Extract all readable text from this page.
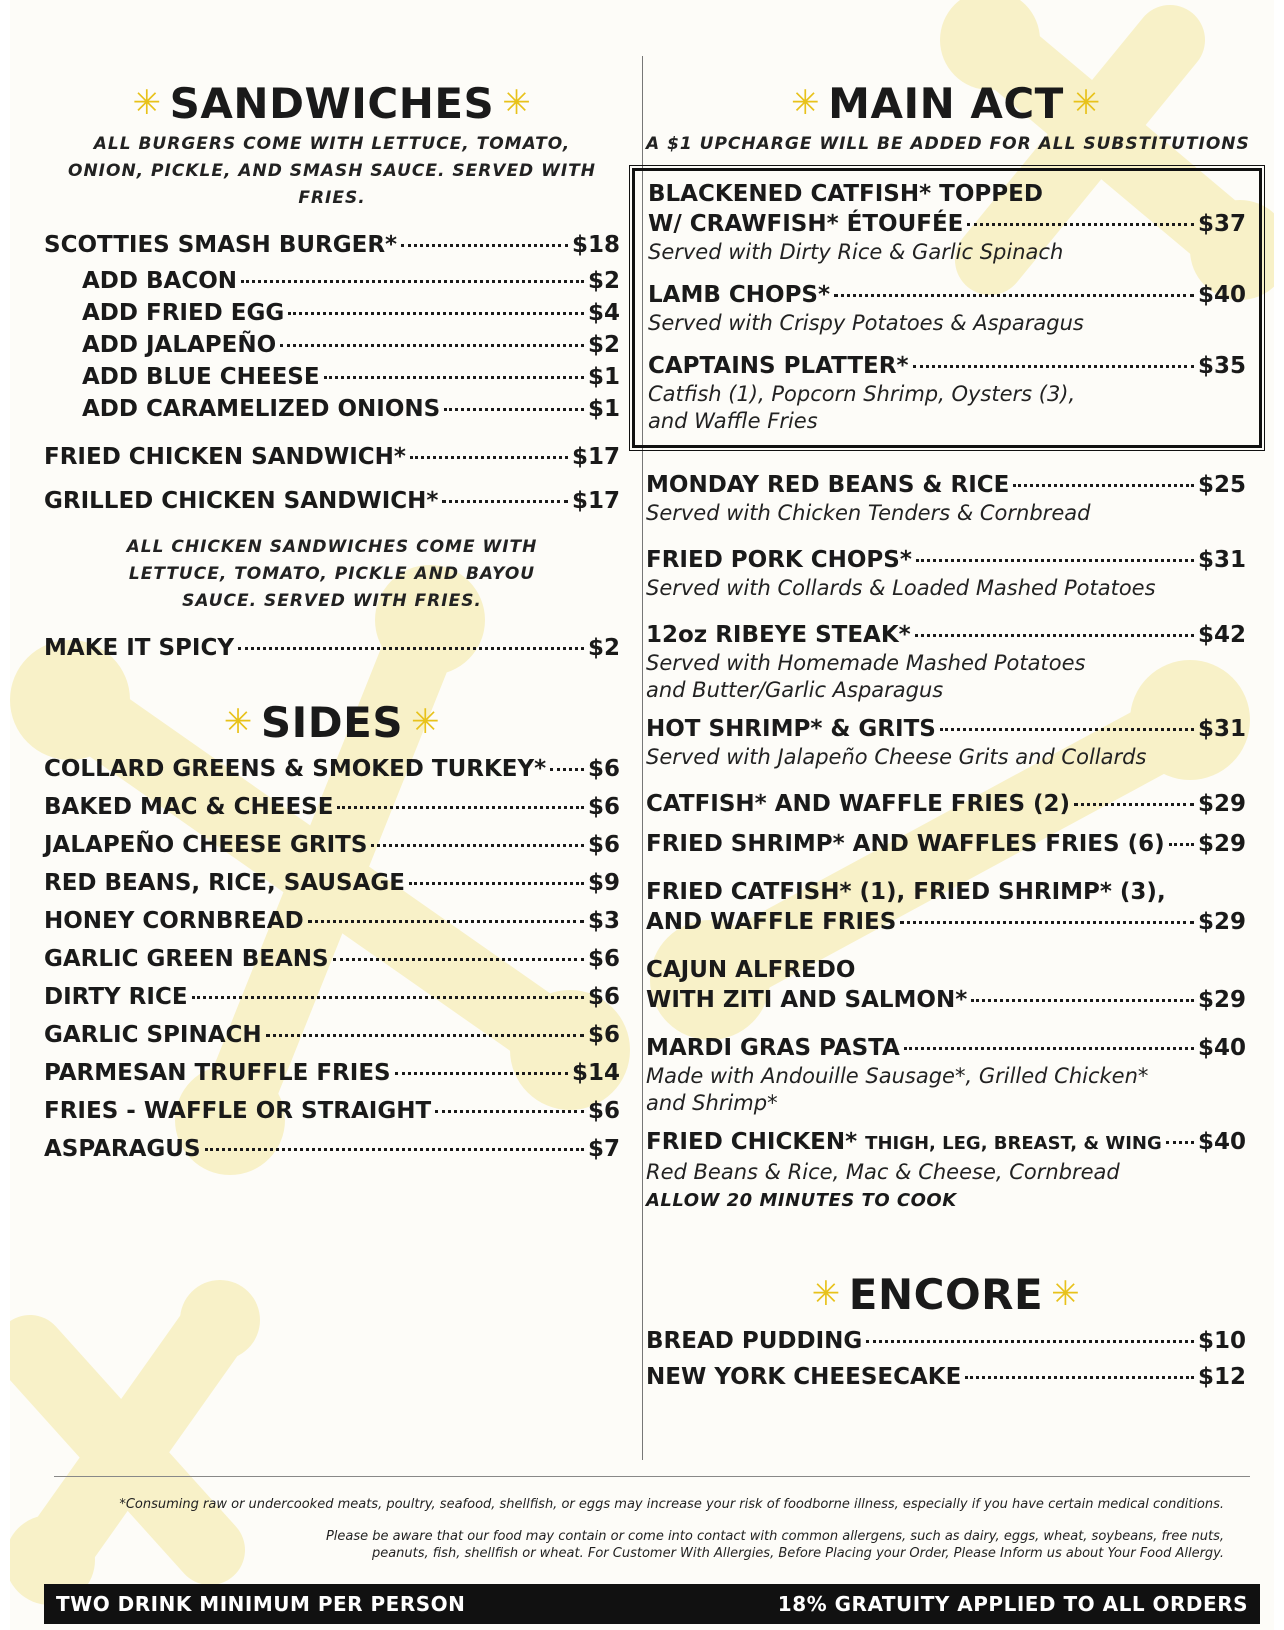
✳ SANDWICHES ✳
ALL BURGERS COME WITH LETTUCE, TOMATO, ONION, PICKLE, AND SMASH SAUCE. SERVED WITH FRIES.
SCOTTIES SMASH BURGER*	$18
ADD BACON	$2
ADD FRIED EGG	$4
ADD JALAPEÑO	$2
ADD BLUE CHEESE	$1
ADD CARAMELIZED ONIONS	$1
FRIED CHICKEN SANDWICH*	$17
GRILLED CHICKEN SANDWICH*	$17
ALL CHICKEN SANDWICHES COME WITH LETTUCE, TOMATO, PICKLE AND BAYOU SAUCE. SERVED WITH FRIES.
MAKE IT SPICY	$2
✳ SIDES ✳
COLLARD GREENS & SMOKED TURKEY* $6
BAKED MAC & CHEESE	$6
JALAPEÑO CHEESE GRITS	$6
RED BEANS, RICE, SAUSAGE	$9
HONEY CORNBREAD	$3
GARLIC GREEN BEANS	$6
DIRTY RICE	$6
GARLIC SPINACH	$6
PARMESAN TRUFFLE FRIES	$14
FRIES - WAFFLE OR STRAIGHT	$6
ASPARAGUS	$7
✳ MAIN ACT ✳
A $1 UPCHARGE WILL BE ADDED FOR ALL SUBSTITUTIONS
BLACKENED CATFISH* TOPPED
W/ CRAWFISH* ÉTOUFÉE	$37
Served with Dirty Rice & Garlic Spinach
LAMB CHOPS*	$40
Served with Crispy Potatoes & Asparagus
CAPTAINS PLATTER*	$35
Catfish (1), Popcorn Shrimp, Oysters (3),
and Waffle Fries
MONDAY RED BEANS & RICE	$25
Served with Chicken Tenders & Cornbread
FRIED PORK CHOPS*	$31
Served with Collards & Loaded Mashed Potatoes
12oz RIBEYE STEAK*	$42
Served with Homemade Mashed Potatoes
and Butter/Garlic Asparagus
HOT SHRIMP* & GRITS	$31
Served with Jalapeño Cheese Grits and Collards
CATFISH* AND WAFFLE FRIES (2)	$29
FRIED SHRIMP* AND WAFFLES FRIES (6) $29
FRIED CATFISH* (1), FRIED SHRIMP* (3),
AND WAFFLE FRIES	$29
CAJUN ALFREDO
WITH ZITI AND SALMON*	$29
MARDI GRAS PASTA	$40
Made with Andouille Sausage*, Grilled Chicken*
and Shrimp*
FRIED CHICKEN* THIGH, LEG, BREAST, & WING $40
Red Beans & Rice, Mac & Cheese, Cornbread
ALLOW 20 MINUTES TO COOK
✳ ENCORE ✳
BREAD PUDDING	$10
NEW YORK CHEESECAKE	$12
*Consuming raw or undercooked meats, poultry, seafood, shellfish, or eggs may increase your risk of foodborne illness, especially if you have certain medical conditions.
Please be aware that our food may contain or come into contact with common allergens, such as dairy, eggs, wheat, soybeans, free nuts,
peanuts, fish, shellfish or wheat. For Customer With Allergies, Before Placing your Order, Please Inform us about Your Food Allergy.
TWO DRINK MINIMUM PER PERSON	18% GRATUITY APPLIED TO ALL ORDERS
